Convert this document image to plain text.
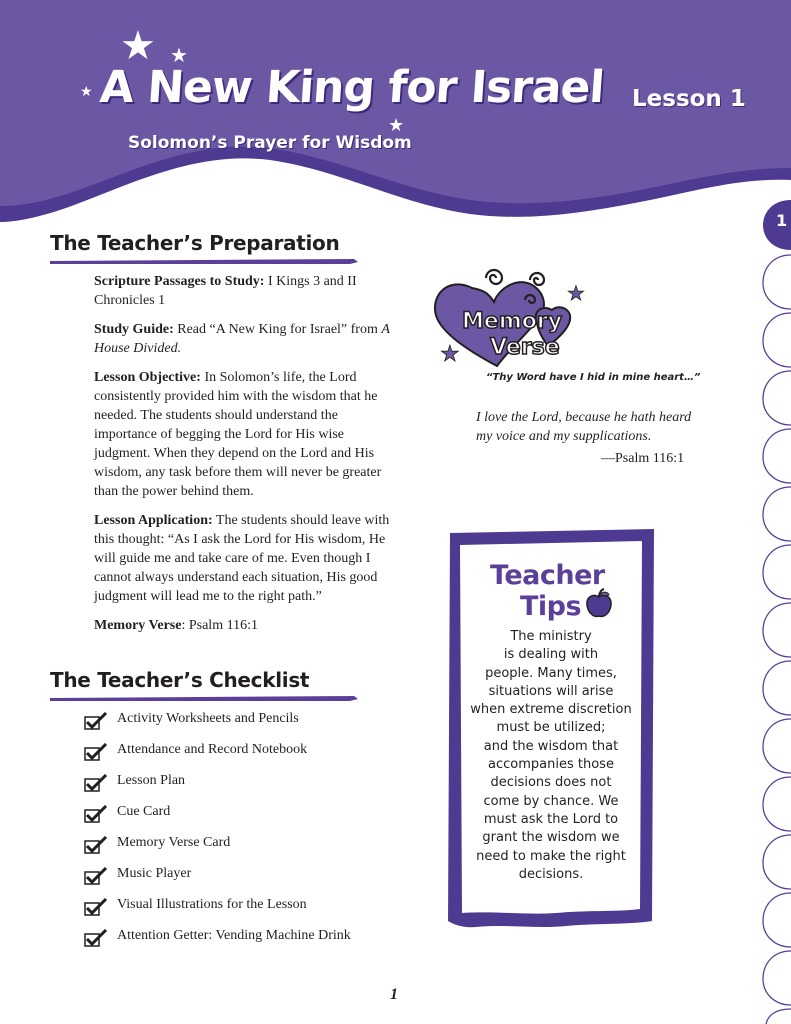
★ ★
★
★
A New King for Israel
Solomon’s Prayer for Wisdom
Lesson 1
1
The Teacher’s Preparation

Scripture Passages to Study: I Kings 3 and II Chronicles 1

Study Guide: Read “A New King for Israel” from A House Divided.

Lesson Objective: In Solomon’s life, the Lord consistently provided him with the wisdom that he needed. The students should understand the importance of begging the Lord for His wise judgment. When they depend on the Lord and His wisdom, any task before them will never be greater than the power behind them.

Lesson Application: The students should leave with this thought: “As I ask the Lord for His wisdom, He will guide me and take care of me. Even though I cannot always understand each situation, His good judgment will lead me to the right path.”

Memory Verse: Psalm 116:1

The Teacher’s Checklist
Activity Worksheets and Pencils
Attendance and Record Notebook
Lesson Plan
Cue Card
Memory Verse Card
Music Player
Visual Illustrations for the Lesson
Attention Getter: Vending Machine Drink
★
★
Memory
Verse
“Thy Word have I hid in mine heart…”
I love the Lord, because he hath heard
my voice and my supplications.
—Psalm 116:1
Teacher
Tips
The ministry
is dealing with
people. Many times,
situations will arise
when extreme discretion
must be utilized;
and the wisdom that
accompanies those
decisions does not
come by chance. We
must ask the Lord to
grant the wisdom we
need to make the right
decisions.
1
